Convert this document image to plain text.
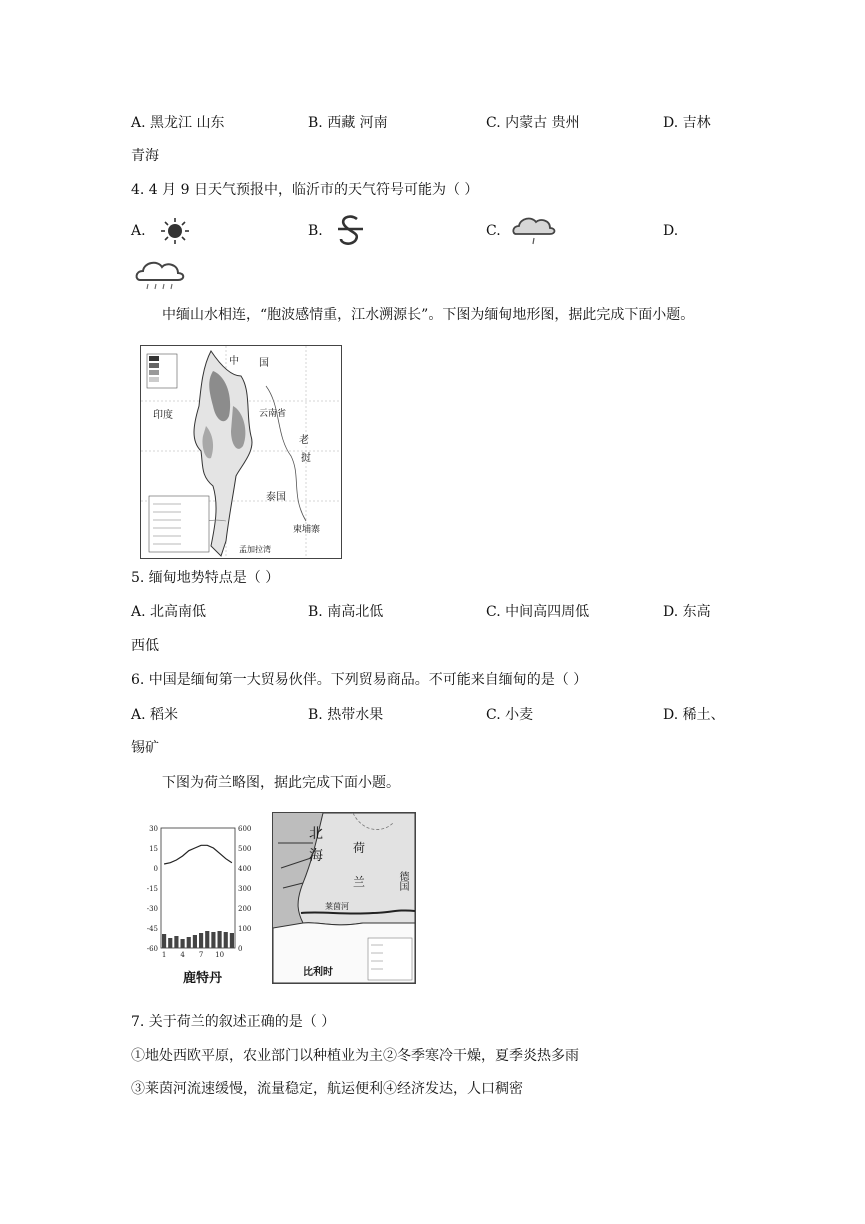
A. 黑龙江 山东	B. 西藏 河南	C. 内蒙古 贵州	D. 吉林
青海
4. 4 月 9 日天气预报中，临沂市的天气符号可能为（ ）
A.	B.	C.	D.
中缅山水相连，“胞波感情重，江水溯源长”。下图为缅甸地形图，据此完成下面小题。
中 国
印度	云南省
老
挝
泰国
柬埔寨
孟加拉湾
5. 缅甸地势特点是（ ）
A. 北高南低	B. 南高北低	C. 中间高四周低	D. 东高
西低
6. 中国是缅甸第一大贸易伙伴。下列贸易商品。不可能来自缅甸的是（ ）
A. 稻米	B. 热带水果	C. 小麦	D. 稀土、
锡矿
下图为荷兰略图，据此完成下面小题。
30
15
0
-15
-30
-45
-60
600
500
400
300
200
100
0
1 4 7 10
鹿特丹
北
海	荷
兰	德国
比利时
莱茵河
7. 关于荷兰的叙述正确的是（ ）
①地处西欧平原，农业部门以种植业为主②冬季寒冷干燥，夏季炎热多雨
③莱茵河流速缓慢，流量稳定，航运便利④经济发达，人口稠密
